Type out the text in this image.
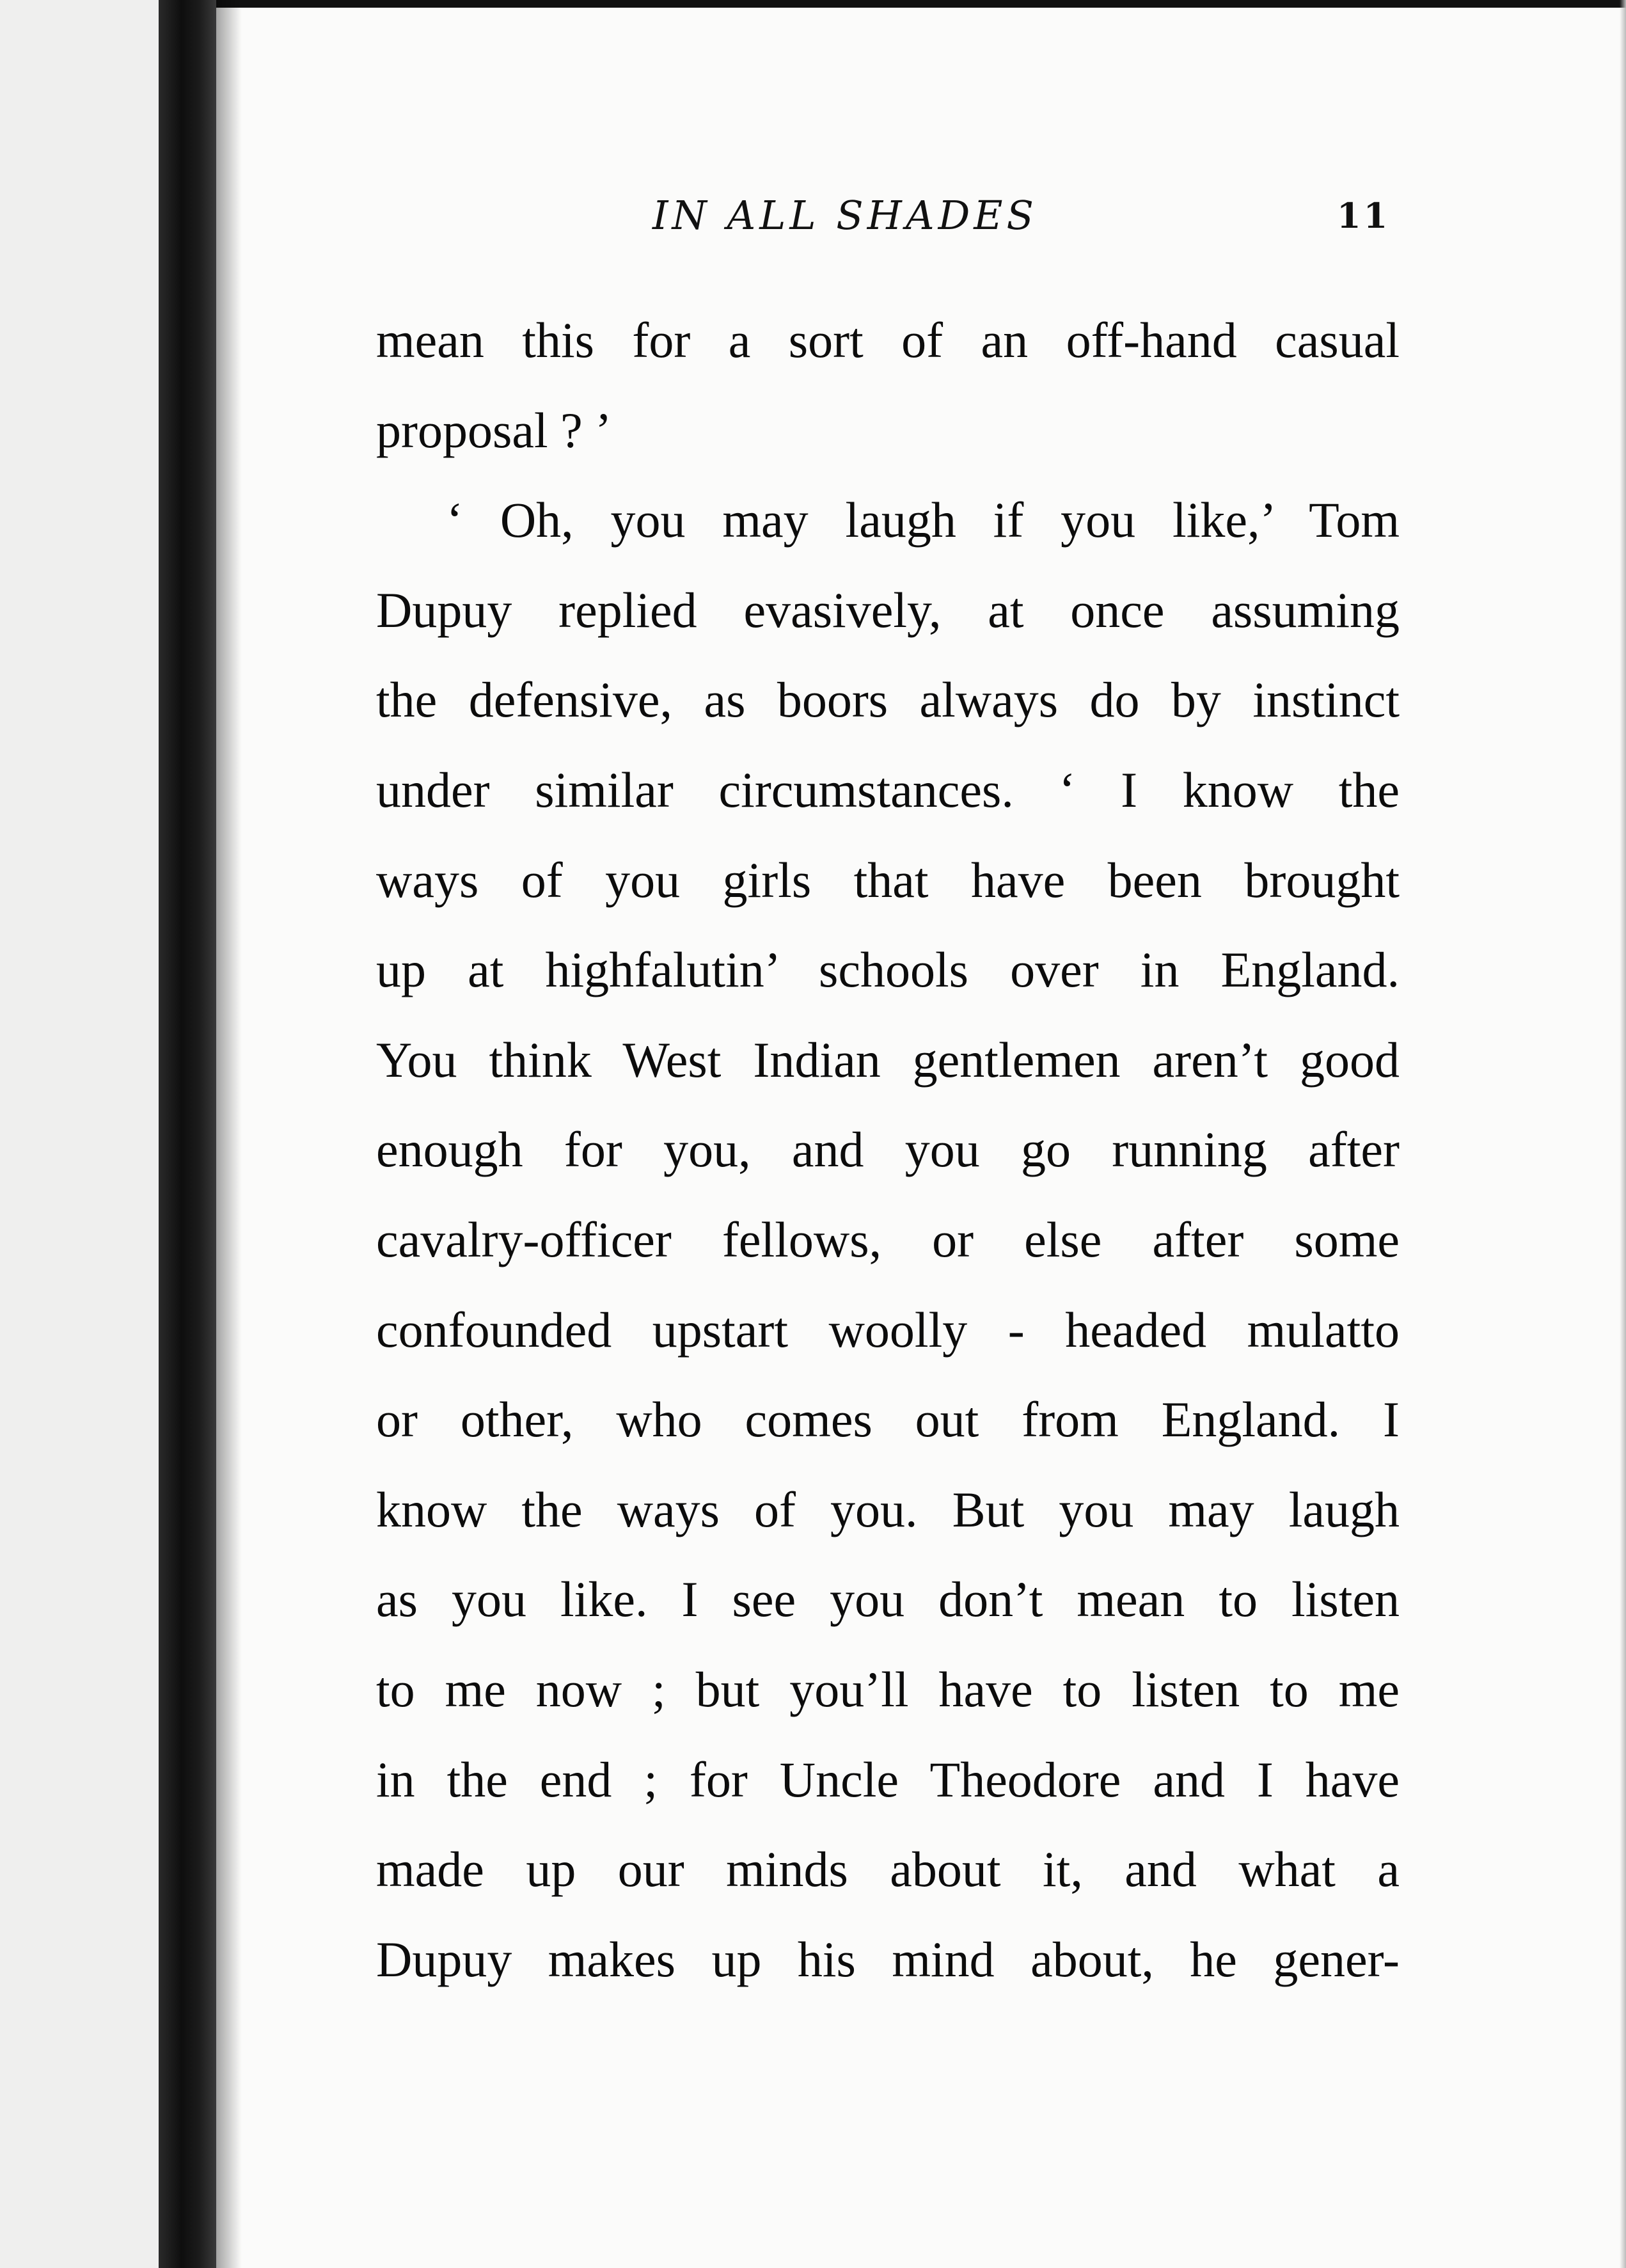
IN ALL SHADES	11
mean this for a sort of an off-hand casual
proposal ? ’
‘ Oh, you may laugh if you like,’ Tom
Dupuy replied evasively, at once assuming
the defensive, as boors always do by instinct
under similar circumstances. ‘ I know the
ways of you girls that have been brought
up at highfalutin’ schools over in England.
You think West Indian gentlemen aren’t good
enough for you, and you go running after
cavalry-officer fellows, or else after some
confounded upstart woolly - headed mulatto
or other, who comes out from England. I
know the ways of you. But you may laugh
as you like. I see you don’t mean to listen
to me now ; but you’ll have to listen to me
in the end ; for Uncle Theodore and I have
made up our minds about it, and what a
Dupuy makes up his mind about, he gener-
